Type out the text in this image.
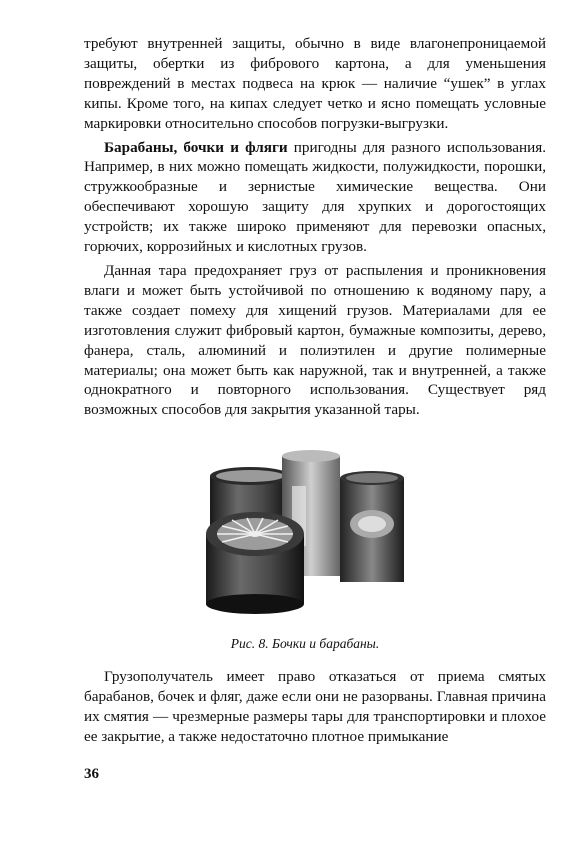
требуют внутренней защиты, обычно в виде влагонепроницаемой защиты, обертки из фибрового картона, а для уменьшения повреждений в местах подвеса на крюк — наличие “ушек” в углах кипы. Кроме того, на кипах следует четко и ясно помещать условные маркировки относительно способов погрузки-выгрузки.

Барабаны, бочки и фляги пригодны для разного использования. Например, в них можно помещать жидкости, полужидкости, порошки, стружкообразные и зернистые химические вещества. Они обеспечивают хорошую защиту для хрупких и дорогостоящих устройств; их также широко применяют для перевозки опасных, горючих, коррозийных и кислотных грузов.

Данная тара предохраняет груз от распыления и проникновения влаги и может быть устойчивой по отношению к водяному пару, а также создает помеху для хищений грузов. Материалами для ее изготовления служит фибровый картон, бумажные композиты, дерево, фанера, сталь, алюминий и полиэтилен и другие полимерные материалы; она может быть как наружной, так и внутренней, а также однократного и повторного использования. Существует ряд возможных способов для закрытия указанной тары.

Рис. 8. Бочки и барабаны.

Грузополучатель имеет право отказаться от приема смятых барабанов, бочек и фляг, даже если они не разорваны. Главная причина их смятия — чрезмерные размеры тары для транспортировки и плохое ее закрытие, а также недостаточно плотное примыкание

36
